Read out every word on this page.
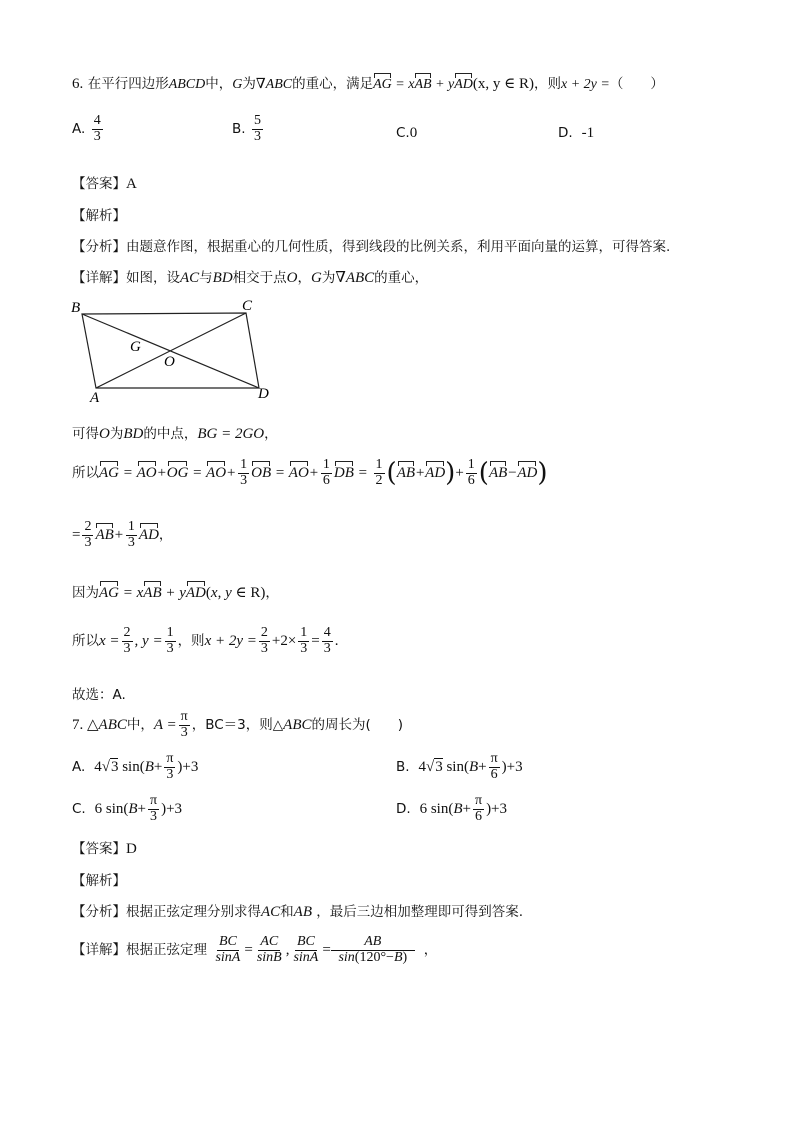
6. 在平行四边形ABCD中，G为∇ABC的重心，满足AG = xAB + yAD(x, y ∈ R)，则x + 2y =（　　）
A. $\frac{4}{3}$	B. $\frac{5}{3}$	C.0	D. -1
【答案】A
【解析】
【分析】由题意作图，根据重心的几何性质，得到线段的比例关系，利用平面向量的运算，可得答案.
【详解】如图，设AC与BD相交于点O，G为∇ABC的重心，
B	C
G
O
A	D
可得O为BD的中点，BG = 2GO，
所以AG = $AO+OG = AO+ \frac{1}{3}$ OB = $AO+ \frac{1}{6}$ DB = $\frac{1}{2} (AB+AD)+ \frac{1}{6} (AB-AD)$
= $\frac{2}{3} AB+ \frac{1}{3}$ AD，
因为AG = xAB + yAD(x, y ∈ R)，
所以$x = \frac{2}{3}$ , $y = \frac{1}{3}$ ，则$x + 2y = \frac{2}{3} +2\times \frac{1}{3} = \frac{4}{3}$ .
故选：A.
7. △ABC中，$A = \frac{\pi}{3}$ ，BC＝3，则△ABC的周长为(　　)
A. 4√3 $\sin(B+ \frac{\pi}{3} )+3$	B. 4√3 $\sin(B+ \frac{\pi}{6} )+3$
C. 6 $\sin(B+ \frac{\pi}{3} )+3$	D. 6 $\sin(B+ \frac{\pi}{6} )+3$
【答案】D
【解析】
【分析】根据正弦定理分别求得AC和AB ，最后三边相加整理即可得到答案.
【详解】根据正弦定理 $\frac{BC}{\sin A} = \frac{AC}{\sin B}$ , $\frac{BC}{\sin A} = \frac{AB}{\sin(120^\circ-B)}$ ，
